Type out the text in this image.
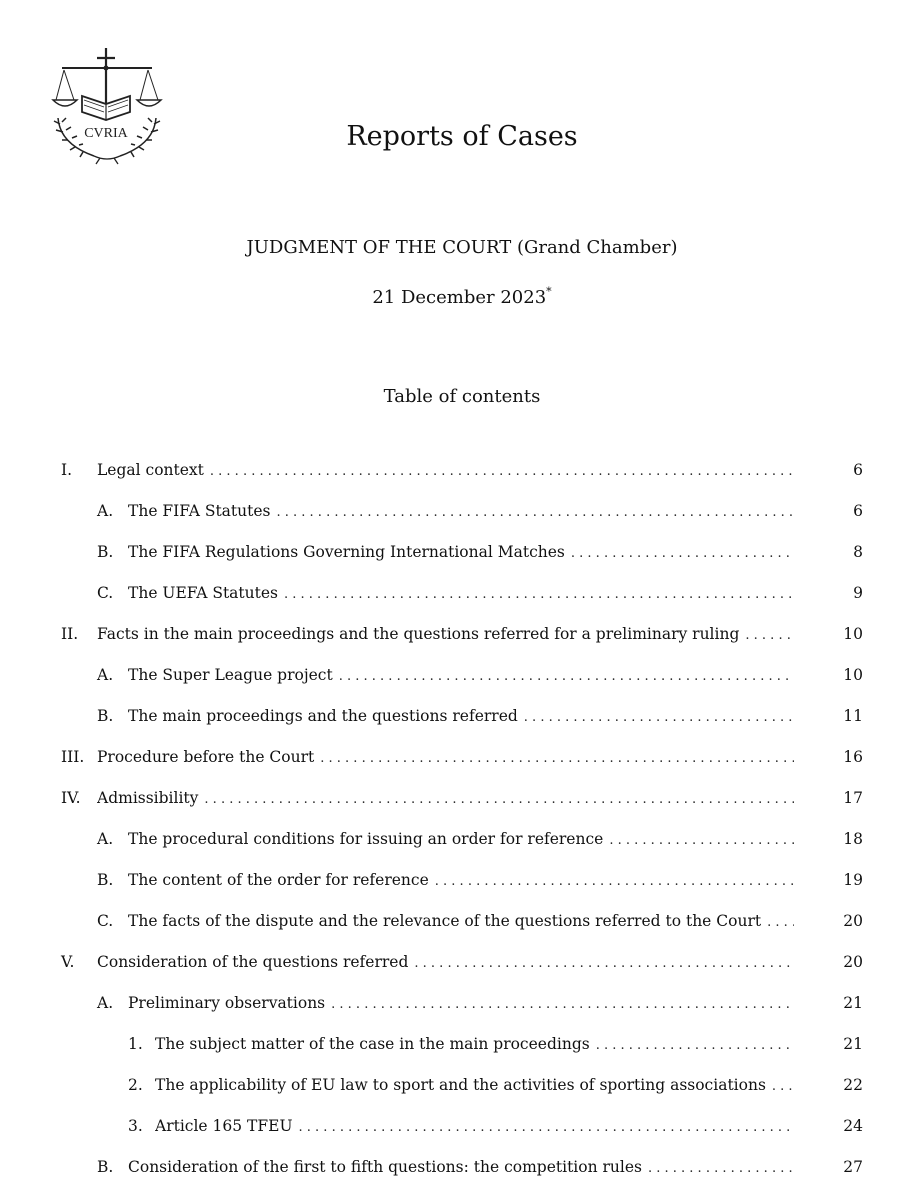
CVRIA	Reports of Cases
JUDGMENT OF THE COURT (Grand Chamber)
21 December 2023*
Table of contents
I. Legal context . . .	6
A. The FIFA Statutes . . .	6
B. The FIFA Regulations Governing International Matches . . .	8
C. The UEFA Statutes . . .	9
II. Facts in the main proceedings and the questions referred for a preliminary ruling . . .	10
A. The Super League project . . .	10
B. The main proceedings and the questions referred . . .	11
III. Procedure before the Court . . .	16
IV. Admissibility . . .	17
A. The procedural conditions for issuing an order for reference . . .	18
B. The content of the order for reference . . .	19
C. The facts of the dispute and the relevance of the questions referred to the Court . . .	20
V. Consideration of the questions referred . . .	20
A. Preliminary observations . . .	21
1. The subject matter of the case in the main proceedings . . .	21
2. The applicability of EU law to sport and the activities of sporting associations . . .	22
3. Article 165 TFEU . . .	24
B. Consideration of the first to fifth questions: the competition rules . . .	27
